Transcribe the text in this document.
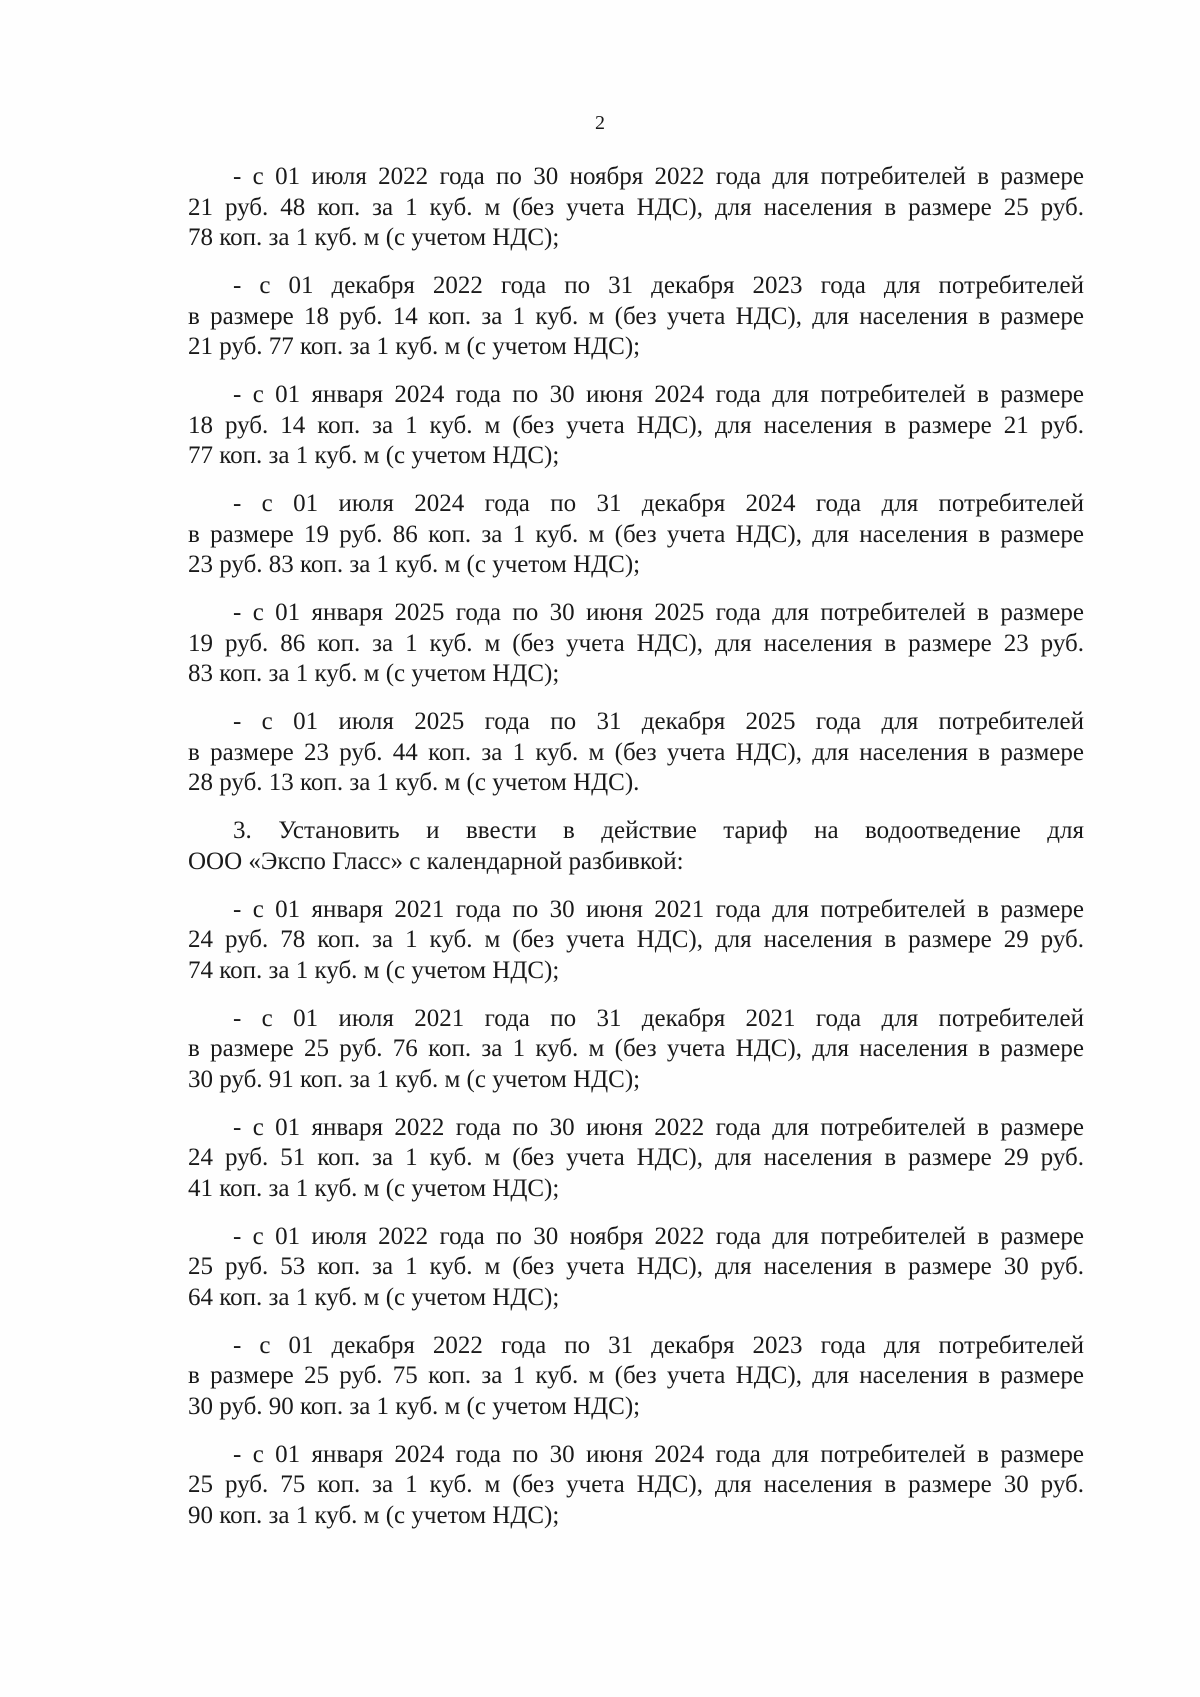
2

- с 01 июля 2022 года по 30 ноября 2022 года для потребителей в размере
21 руб. 48 коп. за 1 куб. м (без учета НДС), для населения в размере 25 руб.
78 коп. за 1 куб. м (с учетом НДС);

- с 01 декабря 2022 года по 31 декабря 2023 года для потребителей
в размере 18 руб. 14 коп. за 1 куб. м (без учета НДС), для населения в размере
21 руб. 77 коп. за 1 куб. м (с учетом НДС);

- с 01 января 2024 года по 30 июня 2024 года для потребителей в размере
18 руб. 14 коп. за 1 куб. м (без учета НДС), для населения в размере 21 руб.
77 коп. за 1 куб. м (с учетом НДС);

- с 01 июля 2024 года по 31 декабря 2024 года для потребителей
в размере 19 руб. 86 коп. за 1 куб. м (без учета НДС), для населения в размере
23 руб. 83 коп. за 1 куб. м (с учетом НДС);

- с 01 января 2025 года по 30 июня 2025 года для потребителей в размере
19 руб. 86 коп. за 1 куб. м (без учета НДС), для населения в размере 23 руб.
83 коп. за 1 куб. м (с учетом НДС);

- с 01 июля 2025 года по 31 декабря 2025 года для потребителей
в размере 23 руб. 44 коп. за 1 куб. м (без учета НДС), для населения в размере
28 руб. 13 коп. за 1 куб. м (с учетом НДС).

3. Установить и ввести в действие тариф на водоотведение для
ООО «Экспо Гласс» с календарной разбивкой:

- с 01 января 2021 года по 30 июня 2021 года для потребителей в размере
24 руб. 78 коп. за 1 куб. м (без учета НДС), для населения в размере 29 руб.
74 коп. за 1 куб. м (с учетом НДС);

- с 01 июля 2021 года по 31 декабря 2021 года для потребителей
в размере 25 руб. 76 коп. за 1 куб. м (без учета НДС), для населения в размере
30 руб. 91 коп. за 1 куб. м (с учетом НДС);

- с 01 января 2022 года по 30 июня 2022 года для потребителей в размере
24 руб. 51 коп. за 1 куб. м (без учета НДС), для населения в размере 29 руб.
41 коп. за 1 куб. м (с учетом НДС);

- с 01 июля 2022 года по 30 ноября 2022 года для потребителей в размере
25 руб. 53 коп. за 1 куб. м (без учета НДС), для населения в размере 30 руб.
64 коп. за 1 куб. м (с учетом НДС);

- с 01 декабря 2022 года по 31 декабря 2023 года для потребителей
в размере 25 руб. 75 коп. за 1 куб. м (без учета НДС), для населения в размере
30 руб. 90 коп. за 1 куб. м (с учетом НДС);

- с 01 января 2024 года по 30 июня 2024 года для потребителей в размере
25 руб. 75 коп. за 1 куб. м (без учета НДС), для населения в размере 30 руб.
90 коп. за 1 куб. м (с учетом НДС);
